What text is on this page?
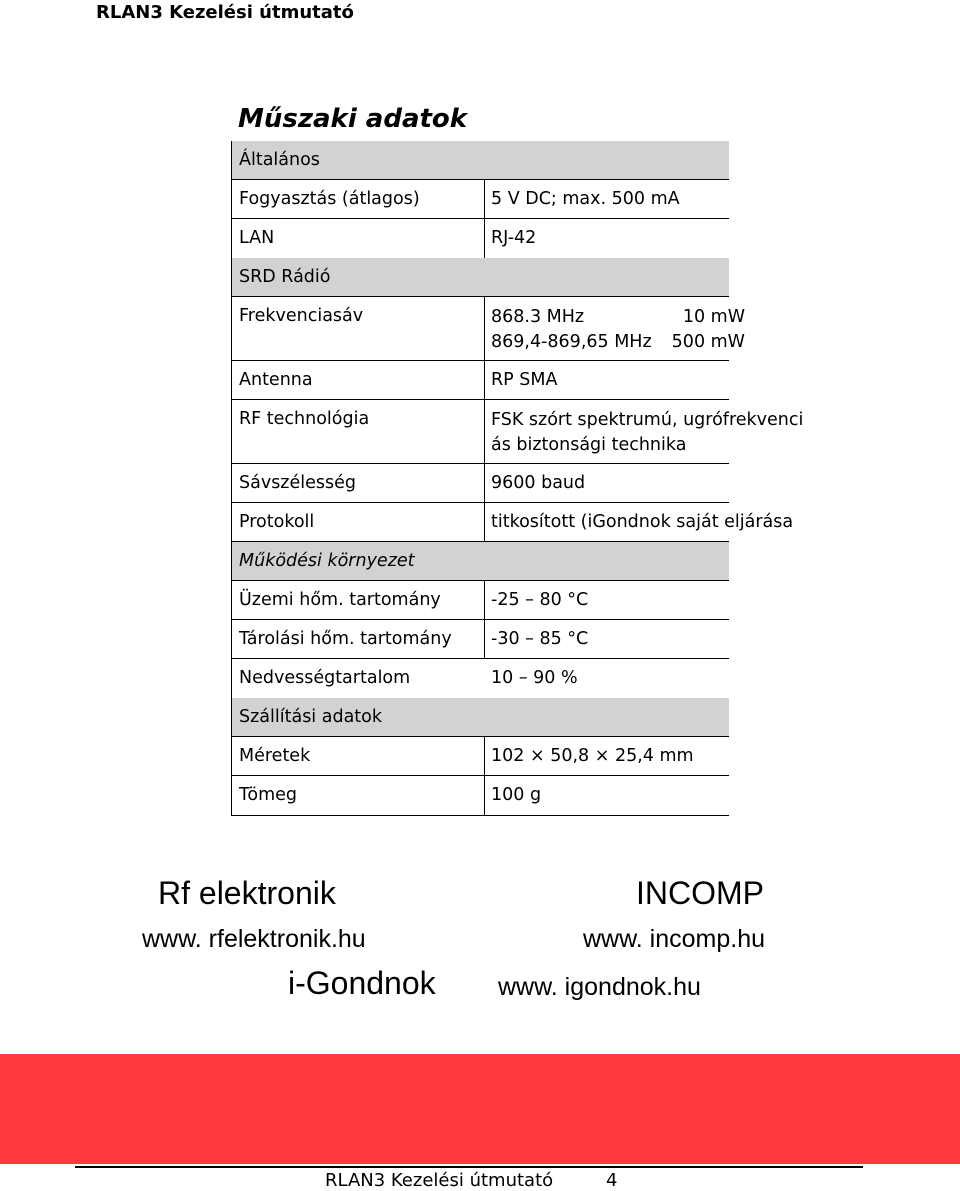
RLAN3 Kezelési útmutató
Műszaki adatok
Általános
Fogyasztás (átlagos)	5 V DC; max. 500 mA
LAN	RJ-42
SRD Rádió
Frekvenciasáv	868.3 MHz	10 mW
869,4-869,65 MHz	500 mW
Antenna	RP SMA
RF technológia	FSK szórt spektrumú, ugrófrekvenci ás biztonsági technika
Sávszélesség	9600 baud
Protokoll	titkosított (iGondnok saját eljárása
Működési környezet
Üzemi hőm. tartomány	-25 – 80 °C
Tárolási hőm. tartomány -30 – 85 °C
Nedvességtartalom	10 – 90 %
Szállítási adatok
Méretek	102 × 50,8 × 25,4 mm
Tömeg	100 g
Rf elektronik
www. rfelektronik.hu
INCOMP
www. incomp.hu
i-Gondnok www. igondnok.hu
RLAN3 Kezelési útmutató	4
